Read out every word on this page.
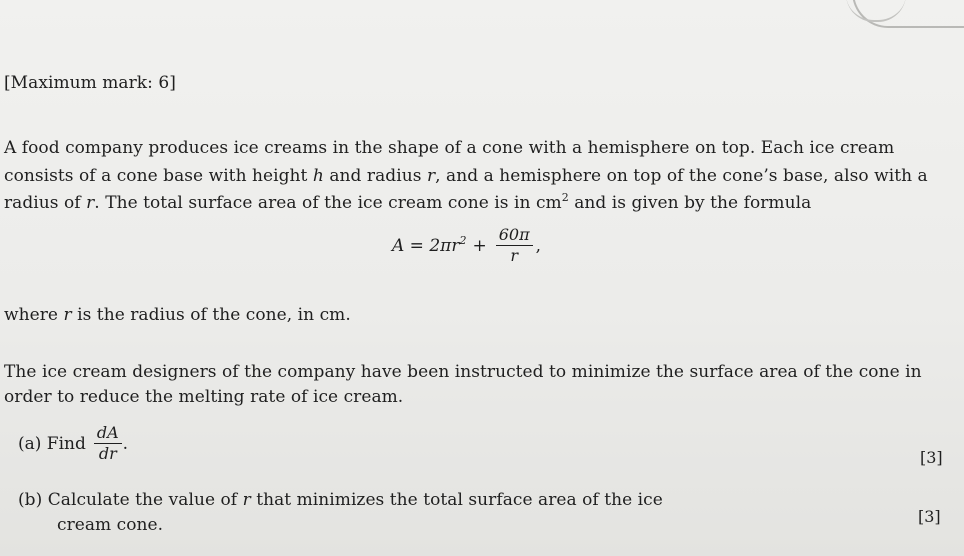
[Maximum mark: 6]
A food company produces ice creams in the shape of a cone with a hemisphere on top. Each ice cream
consists of a cone base with height h and radius r, and a hemisphere on top of the cone’s base, also with a
radius of r. The total surface area of the ice cream cone is in $cm^2$ and is given by the formula
$A = 2\pi r^2 + \frac{60\pi}{r}$ ,
where r is the radius of the cone, in cm.
The ice cream designers of the company have been instructed to minimize the surface area of the cone in
order to reduce the melting rate of ice cream.
(a) Find $\frac{dA}{dr}$ .
[3]
(b) Calculate the value of r that minimizes the total surface area of the ice
cream cone.	[3]
